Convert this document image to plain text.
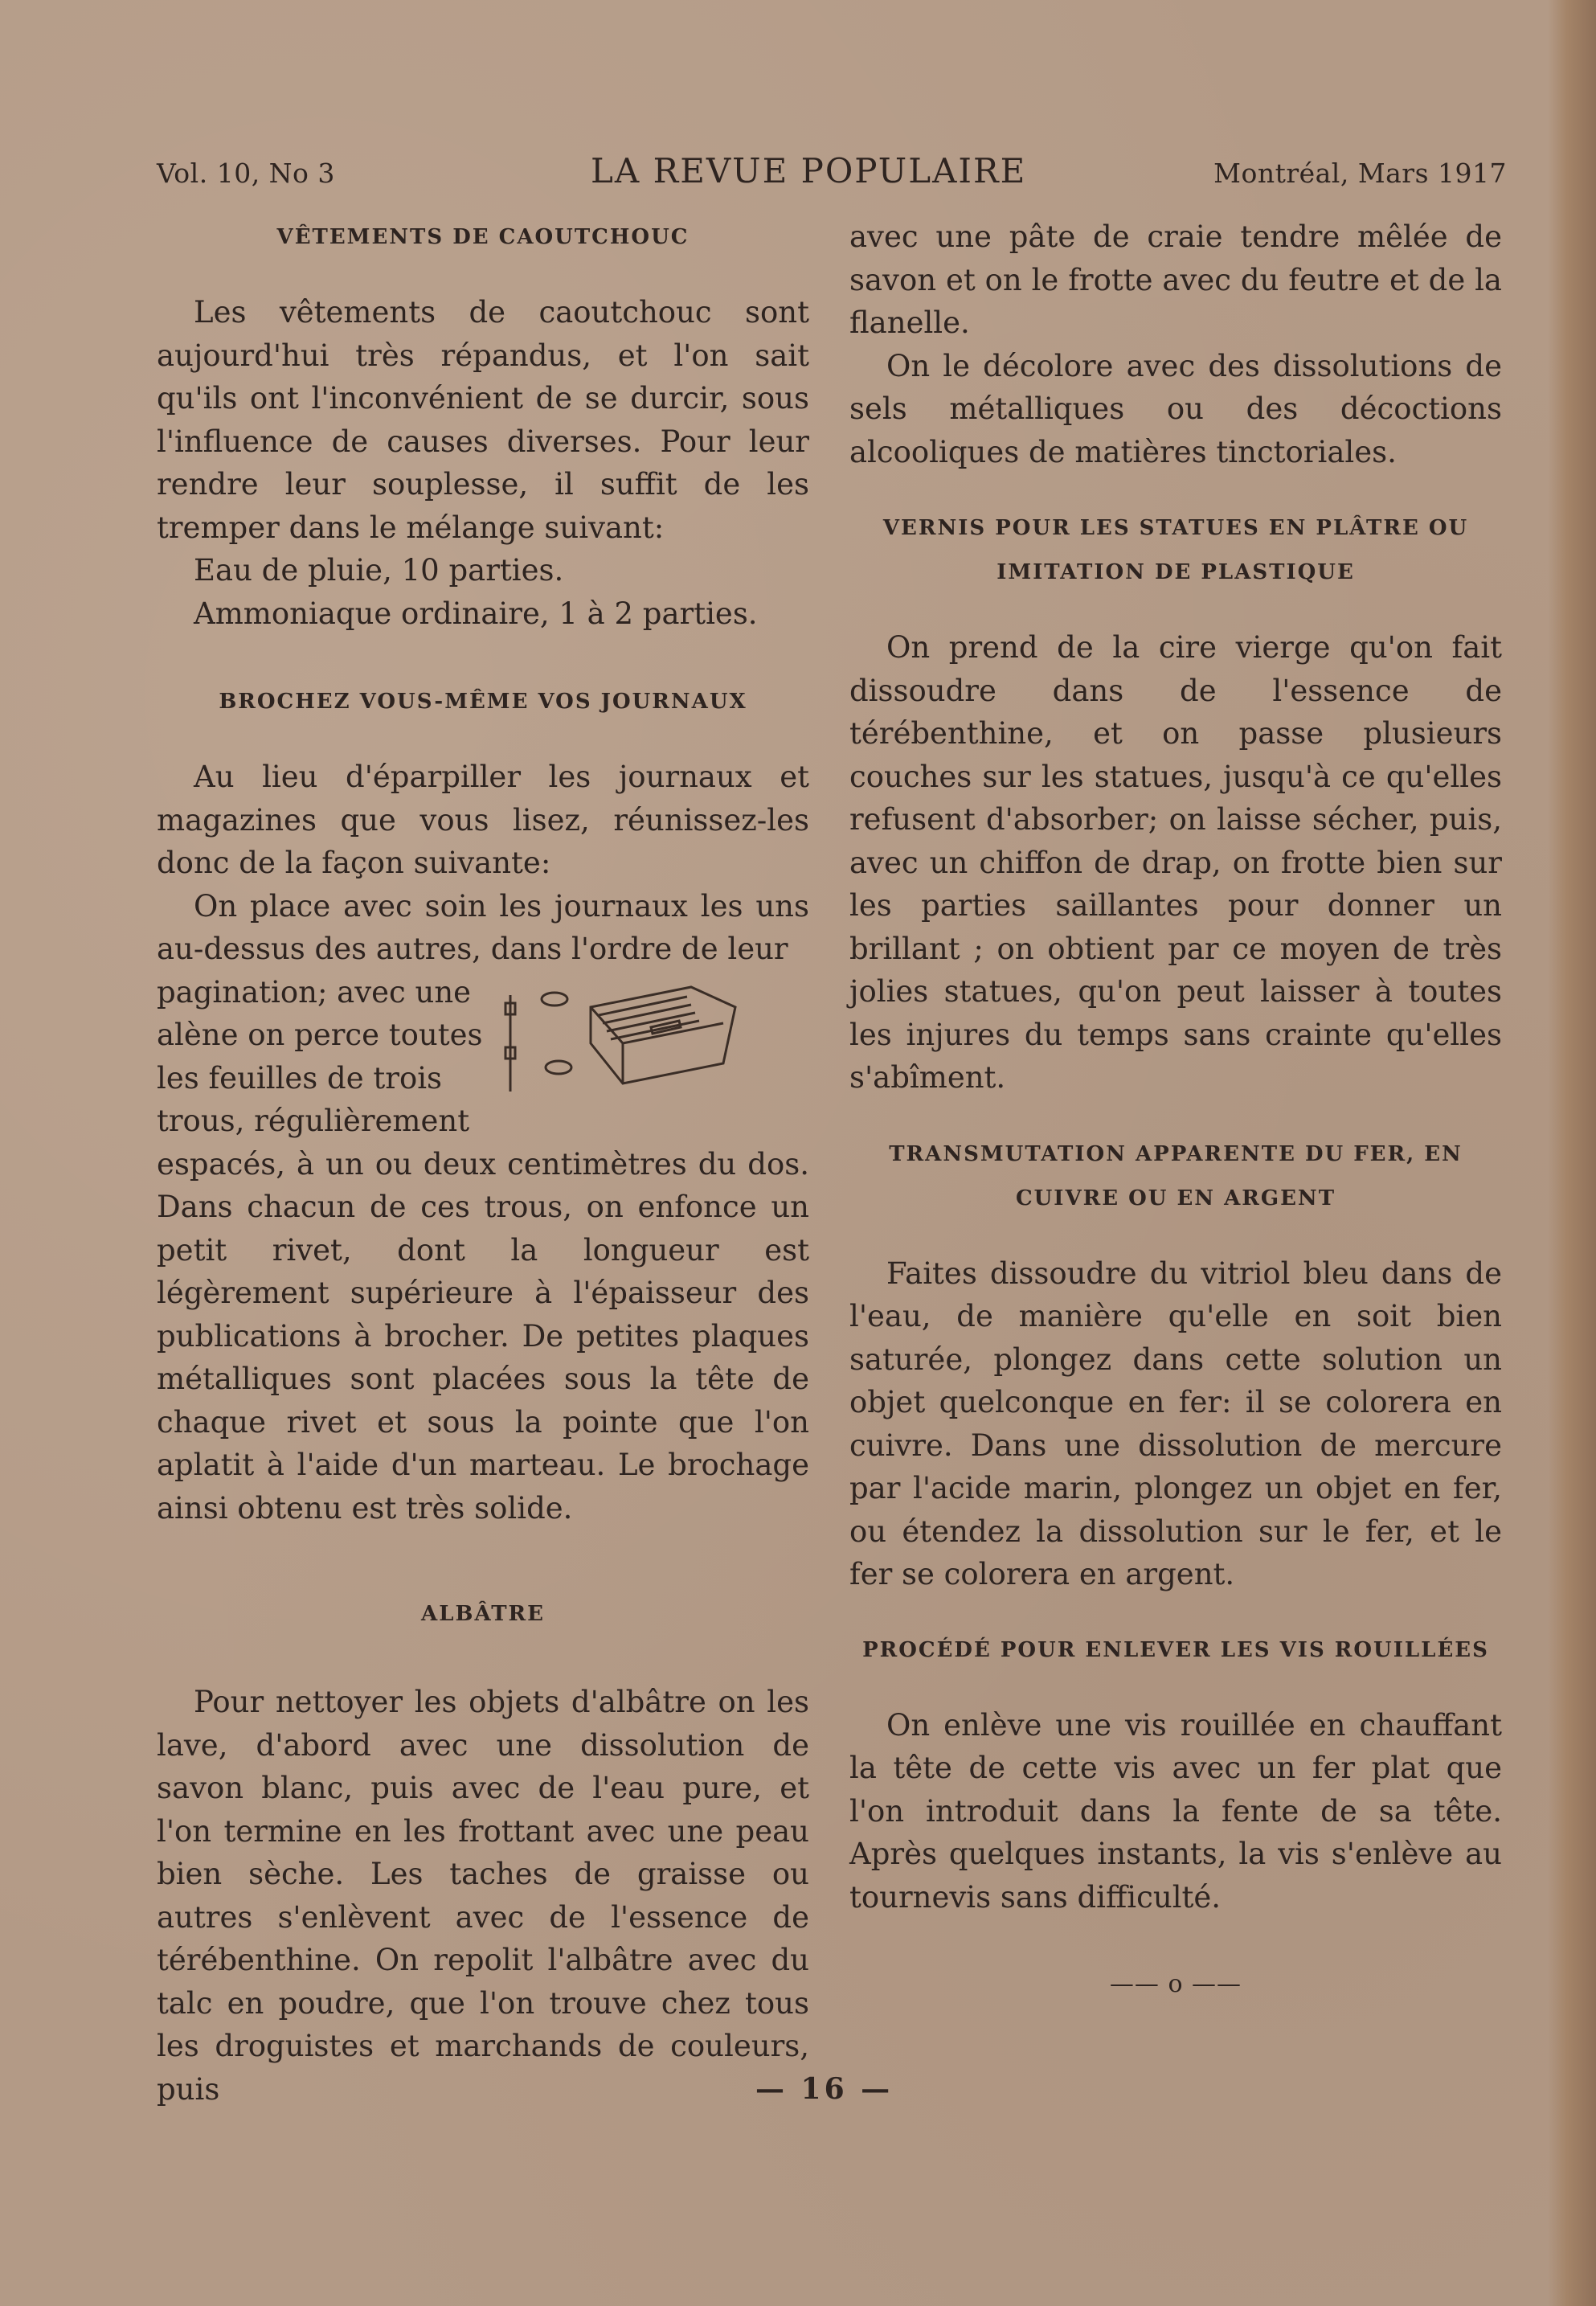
Vol. 10, No 3	LA REVUE POPULAIRE	Montréal, Mars 1917
VÊTEMENTS DE CAOUTCHOUC

Les vêtements de caoutchouc sont aujourd'hui très répandus, et l'on sait qu'ils ont l'inconvénient de se durcir, sous l'influence de causes diverses. Pour leur rendre leur souplesse, il suffit de les tremper dans le mélange suivant:

Eau de pluie, 10 parties.

Ammoniaque ordinaire, 1 à 2 parties.

BROCHEZ VOUS-MÊME VOS JOURNAUX

Au lieu d'éparpiller les journaux et magazines que vous lisez, réunissez-les donc de la façon suivante:

On place avec soin les journaux les uns au-dessus des autres, dans l'ordre de leur

pagination; avec une alène on perce toutes les feuilles de trois trous, régulièrement

espacés, à un ou deux centimètres du dos. Dans chacun de ces trous, on enfonce un petit rivet, dont la longueur est légèrement supérieure à l'épaisseur des publications à brocher. De petites plaques métalliques sont placées sous la tête de chaque rivet et sous la pointe que l'on aplatit à l'aide d'un marteau. Le brochage ainsi obtenu est très solide.

ALBÂTRE

Pour nettoyer les objets d'albâtre on les lave, d'abord avec une dissolution de savon blanc, puis avec de l'eau pure, et l'on termine en les frottant avec une peau bien sèche. Les taches de graisse ou autres s'enlèvent avec de l'essence de térébenthine. On repolit l'albâtre avec du talc en poudre, que l'on trouve chez tous les droguistes et marchands de couleurs, puis

avec une pâte de craie tendre mêlée de savon et on le frotte avec du feutre et de la flanelle.

On le décolore avec des dissolutions de sels métalliques ou des décoctions alcooliques de matières tinctoriales.

VERNIS POUR LES STATUES EN PLÂTRE OU
IMITATION DE PLASTIQUE

On prend de la cire vierge qu'on fait dissoudre dans de l'essence de térébenthine, et on passe plusieurs couches sur les statues, jusqu'à ce qu'elles refusent d'absorber; on laisse sécher, puis, avec un chiffon de drap, on frotte bien sur les parties saillantes pour donner un brillant ; on obtient par ce moyen de très jolies statues, qu'on peut laisser à toutes les injures du temps sans crainte qu'elles s'abîment.

TRANSMUTATION APPARENTE DU FER, EN
CUIVRE OU EN ARGENT

Faites dissoudre du vitriol bleu dans de l'eau, de manière qu'elle en soit bien saturée, plongez dans cette solution un objet quelconque en fer: il se colorera en cuivre. Dans une dissolution de mercure par l'acide marin, plongez un objet en fer, ou étendez la dissolution sur le fer, et le fer se colorera en argent.

PROCÉDÉ POUR ENLEVER LES VIS ROUILLÉES

On enlève une vis rouillée en chauffant la tête de cette vis avec un fer plat que l'on introduit dans la fente de sa tête. Après quelques instants, la vis s'enlève au tournevis sans difficulté.

—— o ——
— 16 —
